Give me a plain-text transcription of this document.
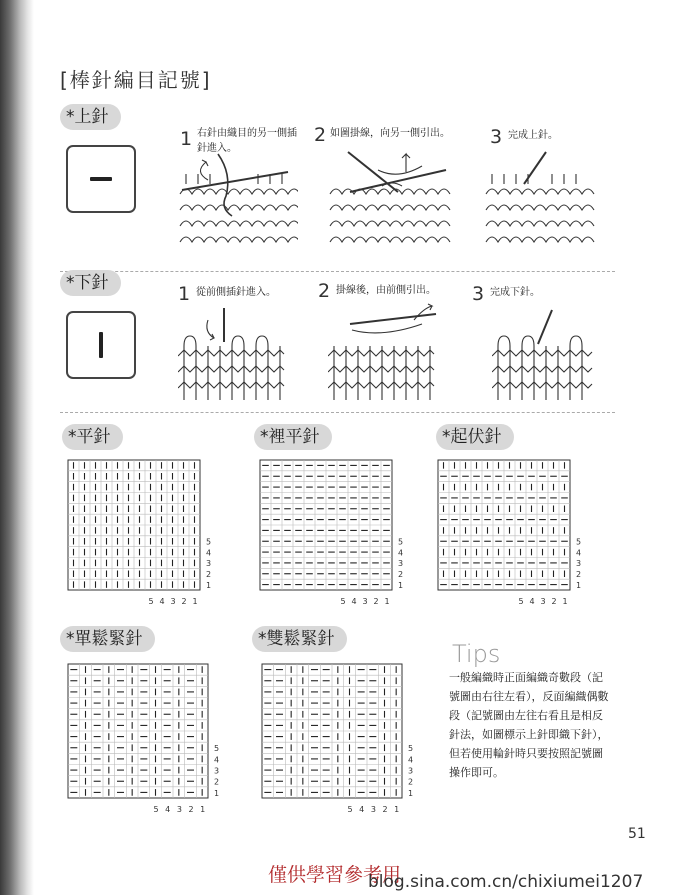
[棒針編目記號]
*上針
1 右針由織目的另一側插針進入。
2 如圖掛線，向另一側引出。	3 完成上針。
*下針	1 從前側插針進入。	2 掛線後，由前側引出。	3 完成下針。
*平針	*裡平針	*起伏針
*單鬆緊針	*雙鬆緊針
5
4
3
2
1
5 4 3 2 1
5
4
3
2
1
5 4 3 2 1
5
4
3
2
1
5 4 3 2 1
5
4
3
2
1
5 4 3 2 1
5
4
3
2
1
5 4 3 2 1
Tips
一般編織時正面編織奇數段（記號圖由右往左看），反面編織偶數段（記號圖由左往右看且是相反針法，如圖標示上針即織下針），但若使用輪針時只要按照記號圖操作即可。
51
僅供學習參考用
blog.sina.com.cn/chixiumei1207
